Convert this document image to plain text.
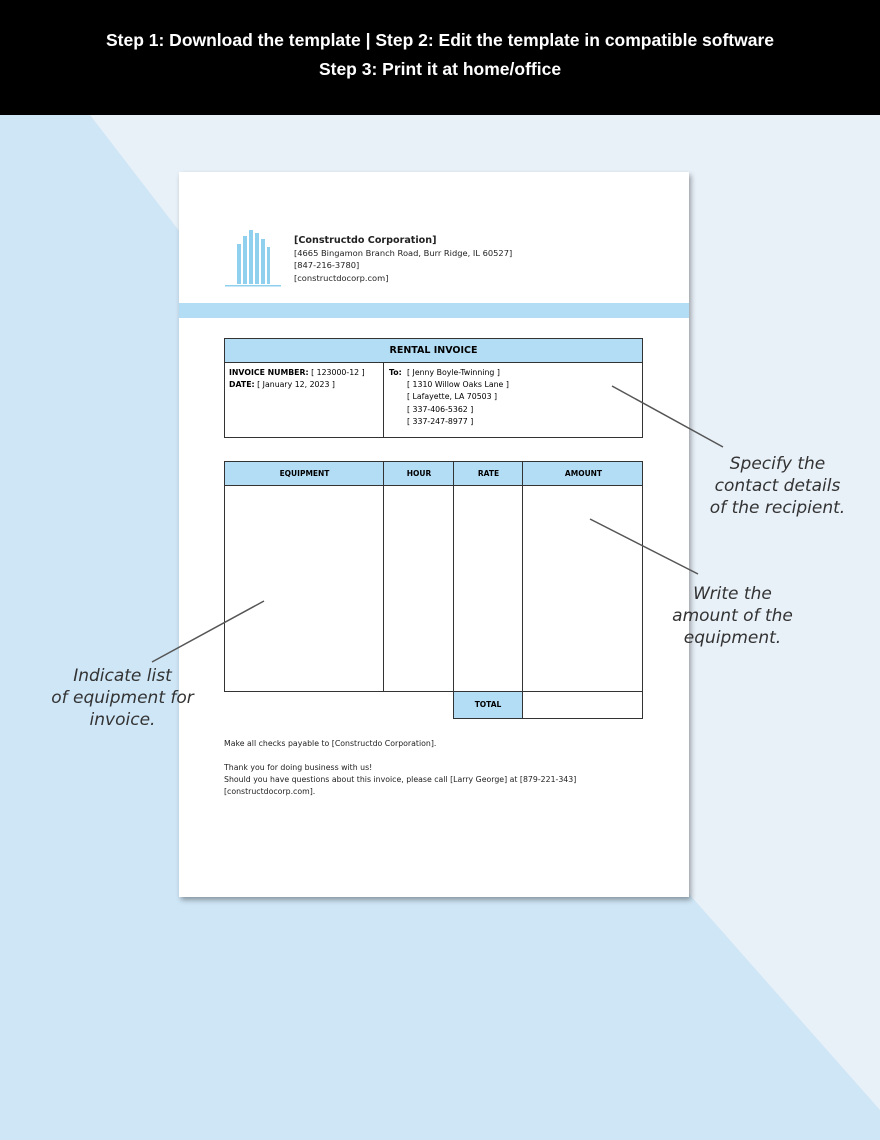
Step 1: Download the template | Step 2: Edit the template in compatible software
Step 3: Print it at home/office
[Constructdo Corporation]
[4665 Bingamon Branch Road, Burr Ridge, IL 60527]
[847-216-3780]
[constructdocorp.com]
RENTAL INVOICE
INVOICE NUMBER: [ 123000-12 ]
DATE: [ January 12, 2023 ]
To: [ Jenny Boyle-Twinning ]
[ 1310 Willow Oaks Lane ]
[ Lafayette, LA 70503 ]
[ 337-406-5362 ]
[ 337-247-8977 ]
EQUIPMENT	HOUR	RATE	AMOUNT
TOTAL
Make all checks payable to [Constructdo Corporation].
Thank you for doing business with us!
Should you have questions about this invoice, please call [Larry George] at [879-221-343]
[constructdocorp.com].
Specify the
contact details
of the recipient.
Write the
amount of the
equipment.
Indicate list
of equipment for
invoice.
